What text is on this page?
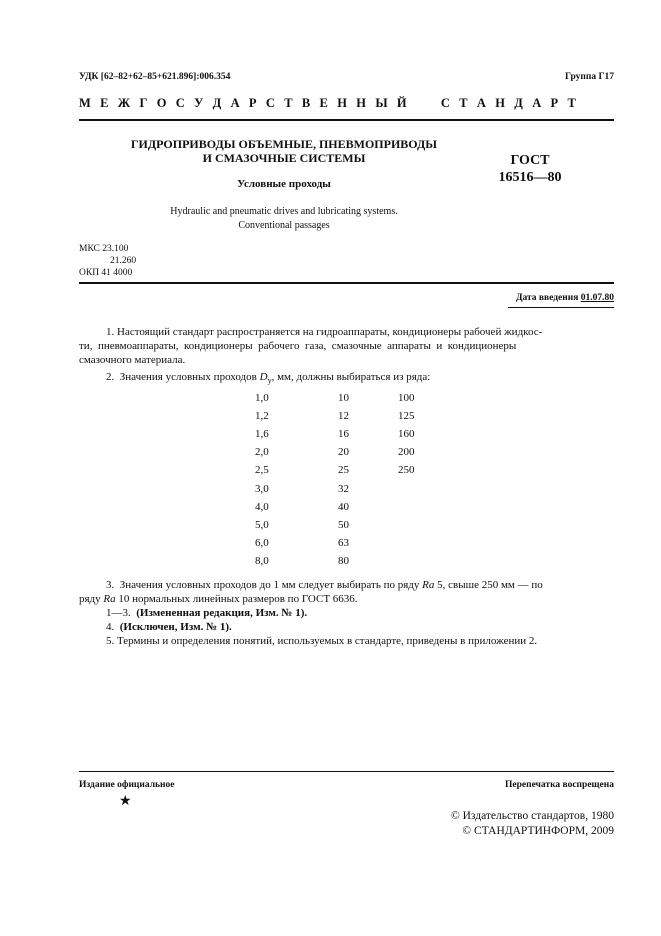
УДК [62–82+62–85+621.896]:006.354	Группа Г17
М Е Ж Г О С У Д А Р С Т В Е Н Н Ы Й     С Т А Н Д А Р Т
ГИДРОПРИВОДЫ ОБЪЕМНЫЕ, ПНЕВМОПРИВОДЫ
И СМАЗОЧНЫЕ СИСТЕМЫ
Условные проходы
Hydraulic and pneumatic drives and lubricating systems.
Conventional passages
ГОСТ
16516—80
МКС 23.100
21.260
ОКП 41 4000
Дата введения 01.07.80
1. Настоящий стандарт распространяется на гидроаппараты, кондиционеры рабочей жидкос-
ти,  пневмоаппараты,  кондиционеры  рабочего  газа,  смазочные  аппараты  и  кондиционеры
смазочного материала.
2.  Значения условных проходов $D_y$, мм, должны выбираться из ряда:
1,0
1,2
1,6
2,0
2,5
3,0
4,0
5,0
6,0
8,0
10
12
16
20
25
32
40
50
63
80
100
125
160
200
250
3.  Значения условных проходов до 1 мм следует выбирать по ряду Ra 5, свыше 250 мм — по
ряду Ra 10 нормальных линейных размеров по ГОСТ 6636.
1—3.  (Измененная редакция, Изм. № 1).
4.  (Исключен, Изм. № 1).
5. Термины и определения понятий, используемых в стандарте, приведены в приложении 2.
Издание официальное	Перепечатка воспрещена
★
© Издательство стандартов, 1980
© СТАНДАРТИНФОРМ, 2009
